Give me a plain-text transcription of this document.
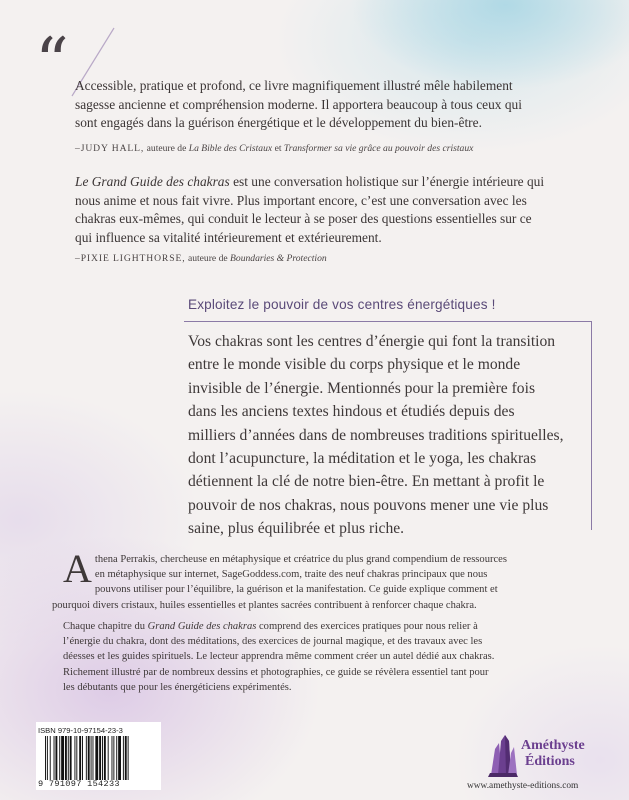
“ Accessible, pratique et profond, ce livre magnifiquement illustré mêle habilement
sagesse ancienne et compréhension moderne. Il apportera beaucoup à tous ceux qui
sont engagés dans la guérison énergétique et le développement du bien-être.
–JUDY HALL, auteure de La Bible des Cristaux et Transformer sa vie grâce au pouvoir des cristaux
Le Grand Guide des chakras est une conversation holistique sur l’énergie intérieure qui
nous anime et nous fait vivre. Plus important encore, c’est une conversation avec les
chakras eux-mêmes, qui conduit le lecteur à se poser des questions essentielles sur ce
qui influence sa vitalité intérieurement et extérieurement.
–PIXIE LIGHTHORSE, auteure de Boundaries & Protection
Exploitez le pouvoir de vos centres énergétiques !
Vos chakras sont les centres d’énergie qui font la transition
entre le monde visible du corps physique et le monde
invisible de l’énergie. Mentionnés pour la première fois
dans les anciens textes hindous et étudiés depuis des
milliers d’années dans de nombreuses traditions spirituelles,
dont l’acupuncture, la méditation et le yoga, les chakras
détiennent la clé de notre bien-être. En mettant à profit le
pouvoir de nos chakras, nous pouvons mener une vie plus
saine, plus équilibrée et plus riche.
A thena Perrakis, chercheuse en métaphysique et créatrice du plus grand compendium de ressources
en métaphysique sur internet, SageGoddess.com, traite des neuf chakras principaux que nous
pouvons utiliser pour l’équilibre, la guérison et la manifestation. Ce guide explique comment et
pourquoi divers cristaux, huiles essentielles et plantes sacrées contribuent à renforcer chaque chakra.
Chaque chapitre du Grand Guide des chakras comprend des exercices pratiques pour nous relier à
l’énergie du chakra, dont des méditations, des exercices de journal magique, et des travaux avec les
déesses et les guides spirituels. Le lecteur apprendra même comment créer un autel dédié aux chakras.
Richement illustré par de nombreux dessins et photographies, ce guide se révèlera essentiel tant pour
les débutants que pour les énergéticiens expérimentés.
ISBN 979-10-97154-23-3
9 791097 154233
Améthyste
Éditions
www.amethyste-editions.com
